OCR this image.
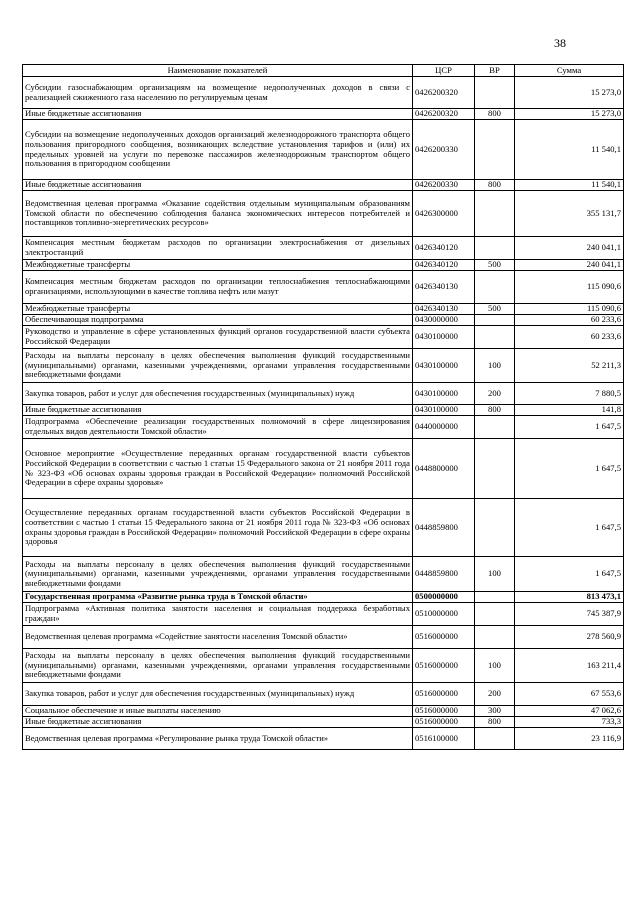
38
Наименование показателей	ЦСР	ВР	Сумма
Субсидии газоснабжающим организациям на возмещение недополученных доходов в связи с реализацией сжиженного газа населению по регулируемым ценам	0426200320		15 273,0
Иные бюджетные ассигнования	0426200320	800	15 273,0
Субсидии на возмещение недополученных доходов организаций железнодорожного транспорта общего пользования пригородного сообщения, возникающих вследствие установления тарифов и (или) их предельных уровней на услуги по перевозке пассажиров железнодорожным транспортом общего пользования в пригородном сообщении	0426200330		11 540,1
Иные бюджетные ассигнования	0426200330	800	11 540,1
Ведомственная целевая программа «Оказание содействия отдельным муниципальным образованиям Томской области по обеспечению соблюдения баланса экономических интересов потребителей и поставщиков топливно-энергетических ресурсов»	0426300000		355 131,7
Компенсация местным бюджетам расходов по организации электроснабжения от дизельных электростанций	0426340120		240 041,1
Межбюджетные трансферты	0426340120	500	240 041,1
Компенсация местным бюджетам расходов по организации теплоснабжения теплоснабжающими организациями, использующими в качестве топлива нефть или мазут	0426340130		115 090,6
Межбюджетные трансферты	0426340130	500	115 090,6
Обеспечивающая подпрограмма	0430000000		60 233,6
Руководство и управление в сфере установленных функций органов государственной власти субъекта Российской Федерации	0430100000		60 233,6
Расходы на выплаты персоналу в целях обеспечения выполнения функций государственными (муниципальными) органами, казенными учреждениями, органами управления государственными внебюджетными фондами	0430100000	100	52 211,3
Закупка товаров, работ и услуг для обеспечения государственных (муниципальных) нужд	0430100000	200	7 880,5
Иные бюджетные ассигнования	0430100000	800	141,8
Подпрограмма «Обеспечение реализации государственных полномочий в сфере лицензирования отдельных видов деятельности Томской области»	0440000000		1 647,5
Основное мероприятие «Осуществление переданных органам государственной власти субъектов Российской Федерации в соответствии с частью 1 статьи 15 Федерального закона от 21 ноября 2011 года № 323-ФЗ «Об основах охраны здоровья граждан в Российской Федерации» полномочий Российской Федерации в сфере охраны здоровья»	0448800000		1 647,5
Осуществление переданных органам государственной власти субъектов Российской Федерации в соответствии с частью 1 статьи 15 Федерального закона от 21 ноября 2011 года № 323-ФЗ «Об основах охраны здоровья граждан в Российской Федерации» полномочий Российской Федерации в сфере охраны здоровья	0448859800		1 647,5
Расходы на выплаты персоналу в целях обеспечения выполнения функций государственными (муниципальными) органами, казенными учреждениями, органами управления государственными внебюджетными фондами	0448859800	100	1 647,5
Государственная программа «Развитие рынка труда в Томской области»	0500000000		813 473,1
Подпрограмма «Активная политика занятости населения и социальная поддержка безработных граждан»	0510000000		745 387,9
Ведомственная целевая программа «Содействие занятости населения Томской области»	0516000000		278 560,9
Расходы на выплаты персоналу в целях обеспечения выполнения функций государственными (муниципальными) органами, казенными учреждениями, органами управления государственными внебюджетными фондами	0516000000	100	163 211,4
Закупка товаров, работ и услуг для обеспечения государственных (муниципальных) нужд	0516000000	200	67 553,6
Социальное обеспечение и иные выплаты населению	0516000000	300	47 062,6
Иные бюджетные ассигнования	0516000000	800	733,3
Ведомственная целевая программа «Регулирование рынка труда Томской области»	0516100000		23 116,9
